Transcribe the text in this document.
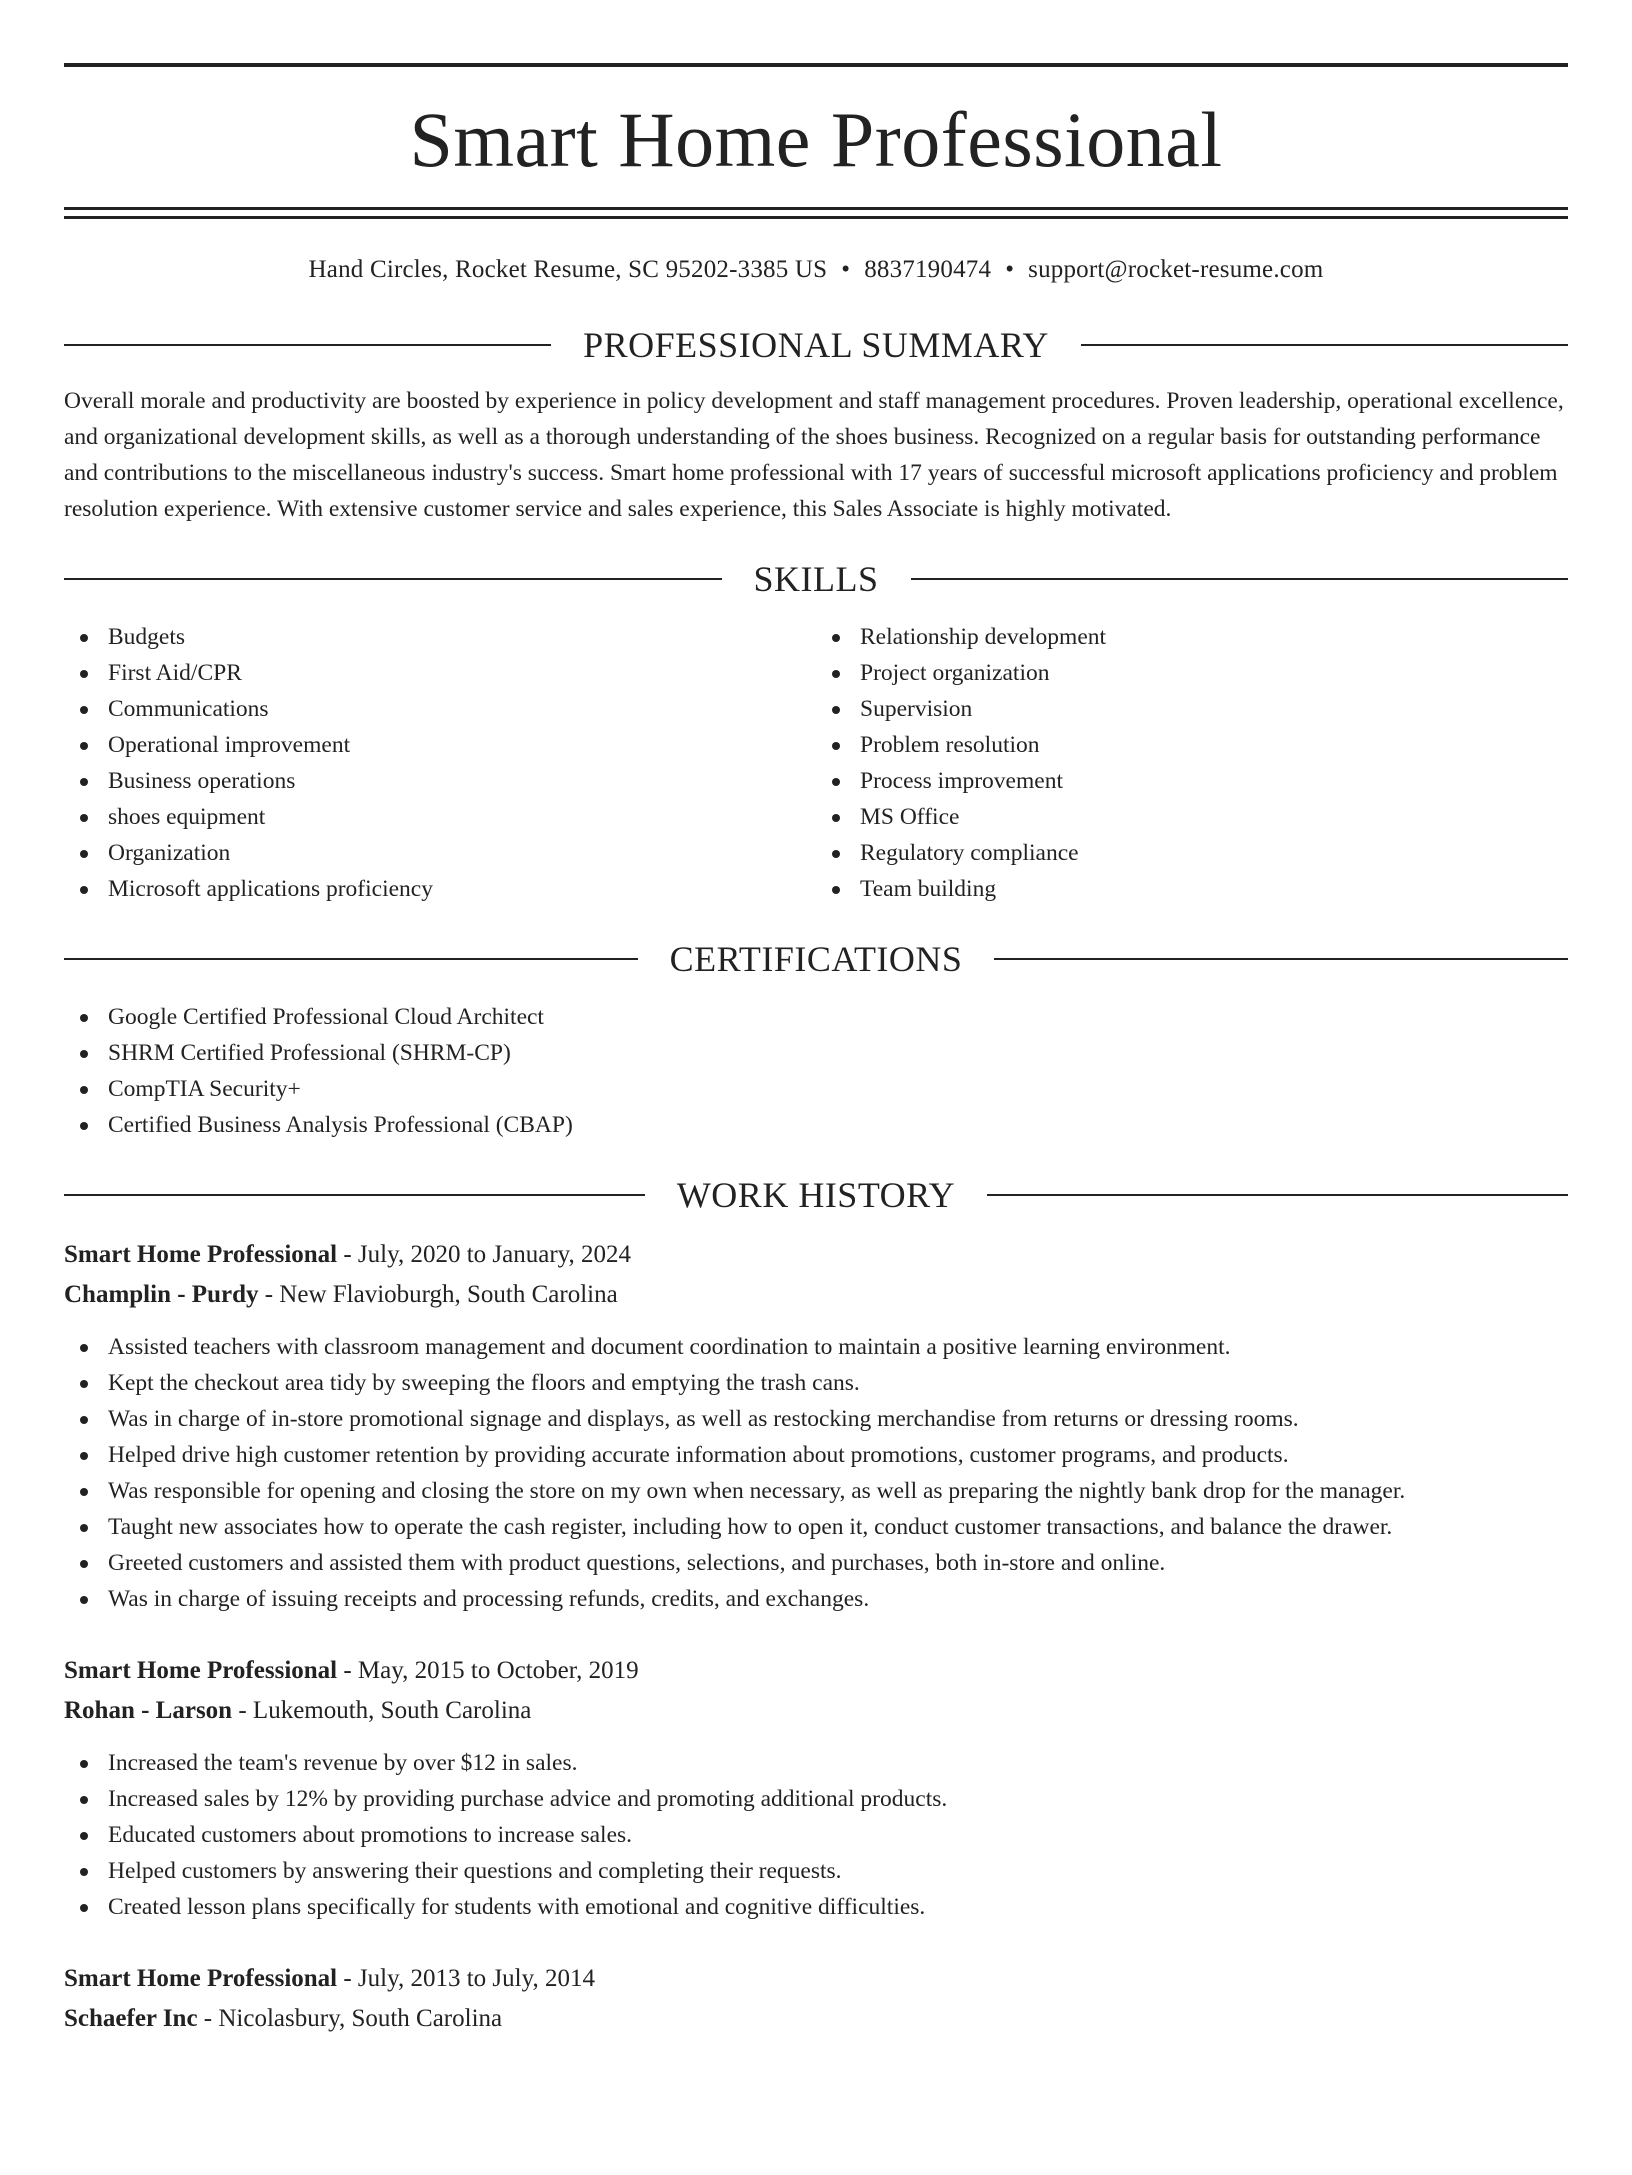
Smart Home Professional
Hand Circles, Rocket Resume, SC 95202-3385 US • 8837190474 • support@rocket-resume.com
PROFESSIONAL SUMMARY

Overall morale and productivity are boosted by experience in policy development and staff management procedures. Proven leadership, operational excellence, and organizational development skills, as well as a thorough understanding of the shoes business. Recognized on a regular basis for outstanding performance and contributions to the miscellaneous industry's success. Smart home professional with 17 years of successful microsoft applications proficiency and problem resolution experience. With extensive customer service and sales experience, this Sales Associate is highly motivated.

SKILLS
Budgets
First Aid/CPR
Communications
Operational improvement
Business operations
shoes equipment
Organization
Microsoft applications proficiency
Relationship development
Project organization
Supervision
Problem resolution
Process improvement
MS Office
Regulatory compliance
Team building
CERTIFICATIONS
Google Certified Professional Cloud Architect
SHRM Certified Professional (SHRM-CP)
CompTIA Security+
Certified Business Analysis Professional (CBAP)
WORK HISTORY
Smart Home Professional - July, 2020 to January, 2024
Champlin - Purdy - New Flavioburgh, South Carolina
Assisted teachers with classroom management and document coordination to maintain a positive learning environment.
Kept the checkout area tidy by sweeping the floors and emptying the trash cans.
Was in charge of in-store promotional signage and displays, as well as restocking merchandise from returns or dressing rooms.
Helped drive high customer retention by providing accurate information about promotions, customer programs, and products.
Was responsible for opening and closing the store on my own when necessary, as well as preparing the nightly bank drop for the manager.
Taught new associates how to operate the cash register, including how to open it, conduct customer transactions, and balance the drawer.
Greeted customers and assisted them with product questions, selections, and purchases, both in-store and online.
Was in charge of issuing receipts and processing refunds, credits, and exchanges.
Smart Home Professional - May, 2015 to October, 2019
Rohan - Larson - Lukemouth, South Carolina
Increased the team's revenue by over $12 in sales.
Increased sales by 12% by providing purchase advice and promoting additional products.
Educated customers about promotions to increase sales.
Helped customers by answering their questions and completing their requests.
Created lesson plans specifically for students with emotional and cognitive difficulties.
Smart Home Professional - July, 2013 to July, 2014
Schaefer Inc - Nicolasbury, South Carolina
